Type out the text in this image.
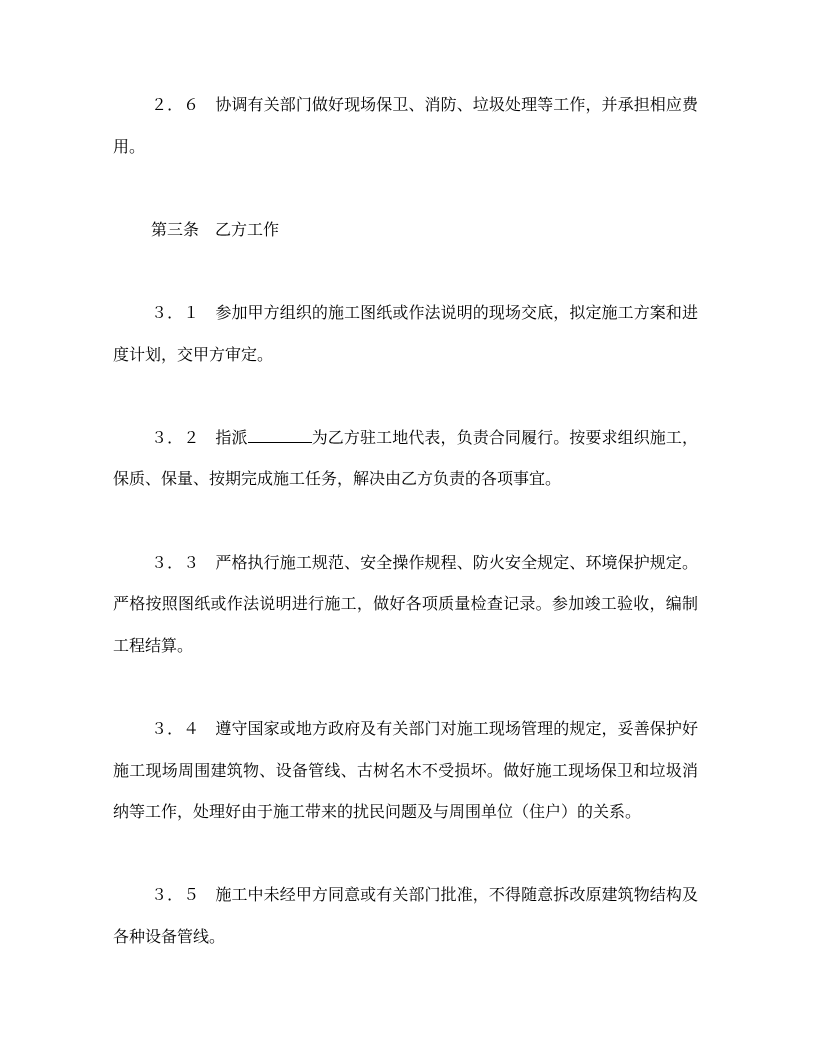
２．６　协调有关部门做好现场保卫、消防、垃圾处理等工作，并承担相应费用。

第三条　乙方工作

３．１　参加甲方组织的施工图纸或作法说明的现场交底，拟定施工方案和进度计划，交甲方审定。

３．２　指派	为乙方驻工地代表，负责合同履行。按要求组织施工，保质、保量、按期完成施工任务，解决由乙方负责的各项事宜。

３．３　严格执行施工规范、安全操作规程、防火安全规定、环境保护规定。严格按照图纸或作法说明进行施工，做好各项质量检查记录。参加竣工验收，编制工程结算。

３．４　遵守国家或地方政府及有关部门对施工现场管理的规定，妥善保护好施工现场周围建筑物、设备管线、古树名木不受损坏。做好施工现场保卫和垃圾消纳等工作，处理好由于施工带来的扰民问题及与周围单位（住户）的关系。

３．５　施工中未经甲方同意或有关部门批准，不得随意拆改原建筑物结构及各种设备管线。
